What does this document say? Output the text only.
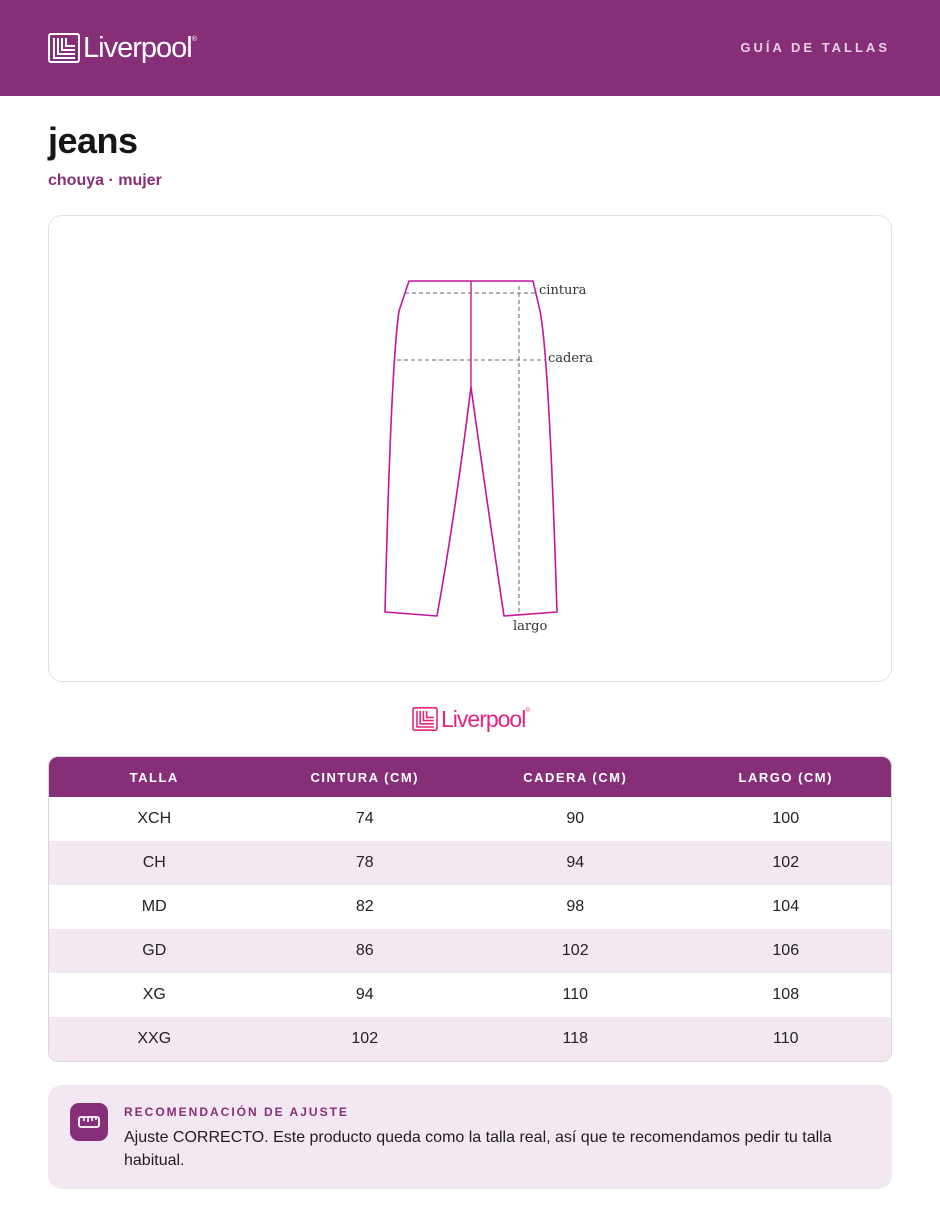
Liverpool ®
GUÍA DE TALLAS
jeans
chouya · mujer
cintura
cadera
largo
Liverpool ®
TALLA	CINTURA (CM)	CADERA (CM)	LARGO (CM)
XCH	74	90	100
CH	78	94	102
MD	82	98	104
GD	86	102	106
XG	94	110	108
XXG	102	118	110
RECOMENDACIÓN DE AJUSTE
Ajuste CORRECTO. Este producto queda como la talla real, así que te recomendamos pedir tu talla habitual.
